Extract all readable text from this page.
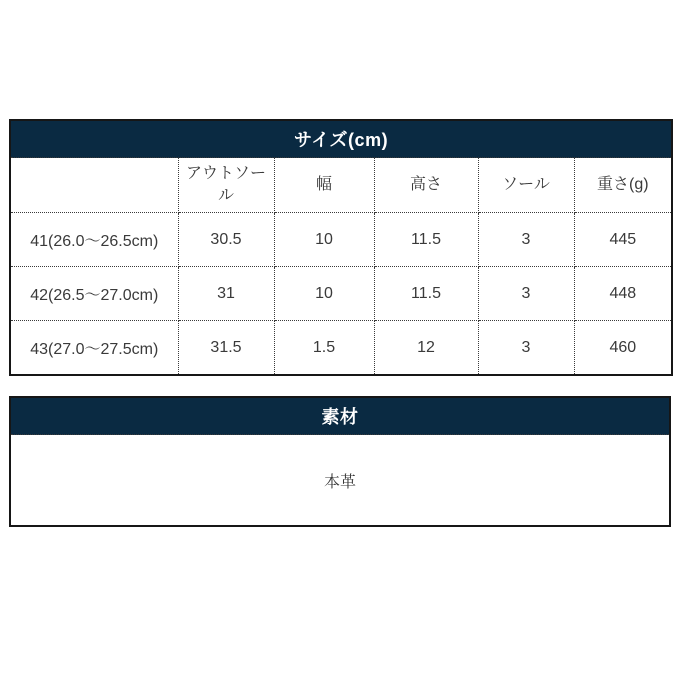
サイズ(cm)					
	アウトソール	幅	高さ	ソール	重さ(g)
41(26.0〜26.5cm)	30.5	10	11.5	3	445
42(26.5〜27.0cm)	31	10	11.5	3	448
43(27.0〜27.5cm)	31.5	1.5	12	3	460
素材
本革
